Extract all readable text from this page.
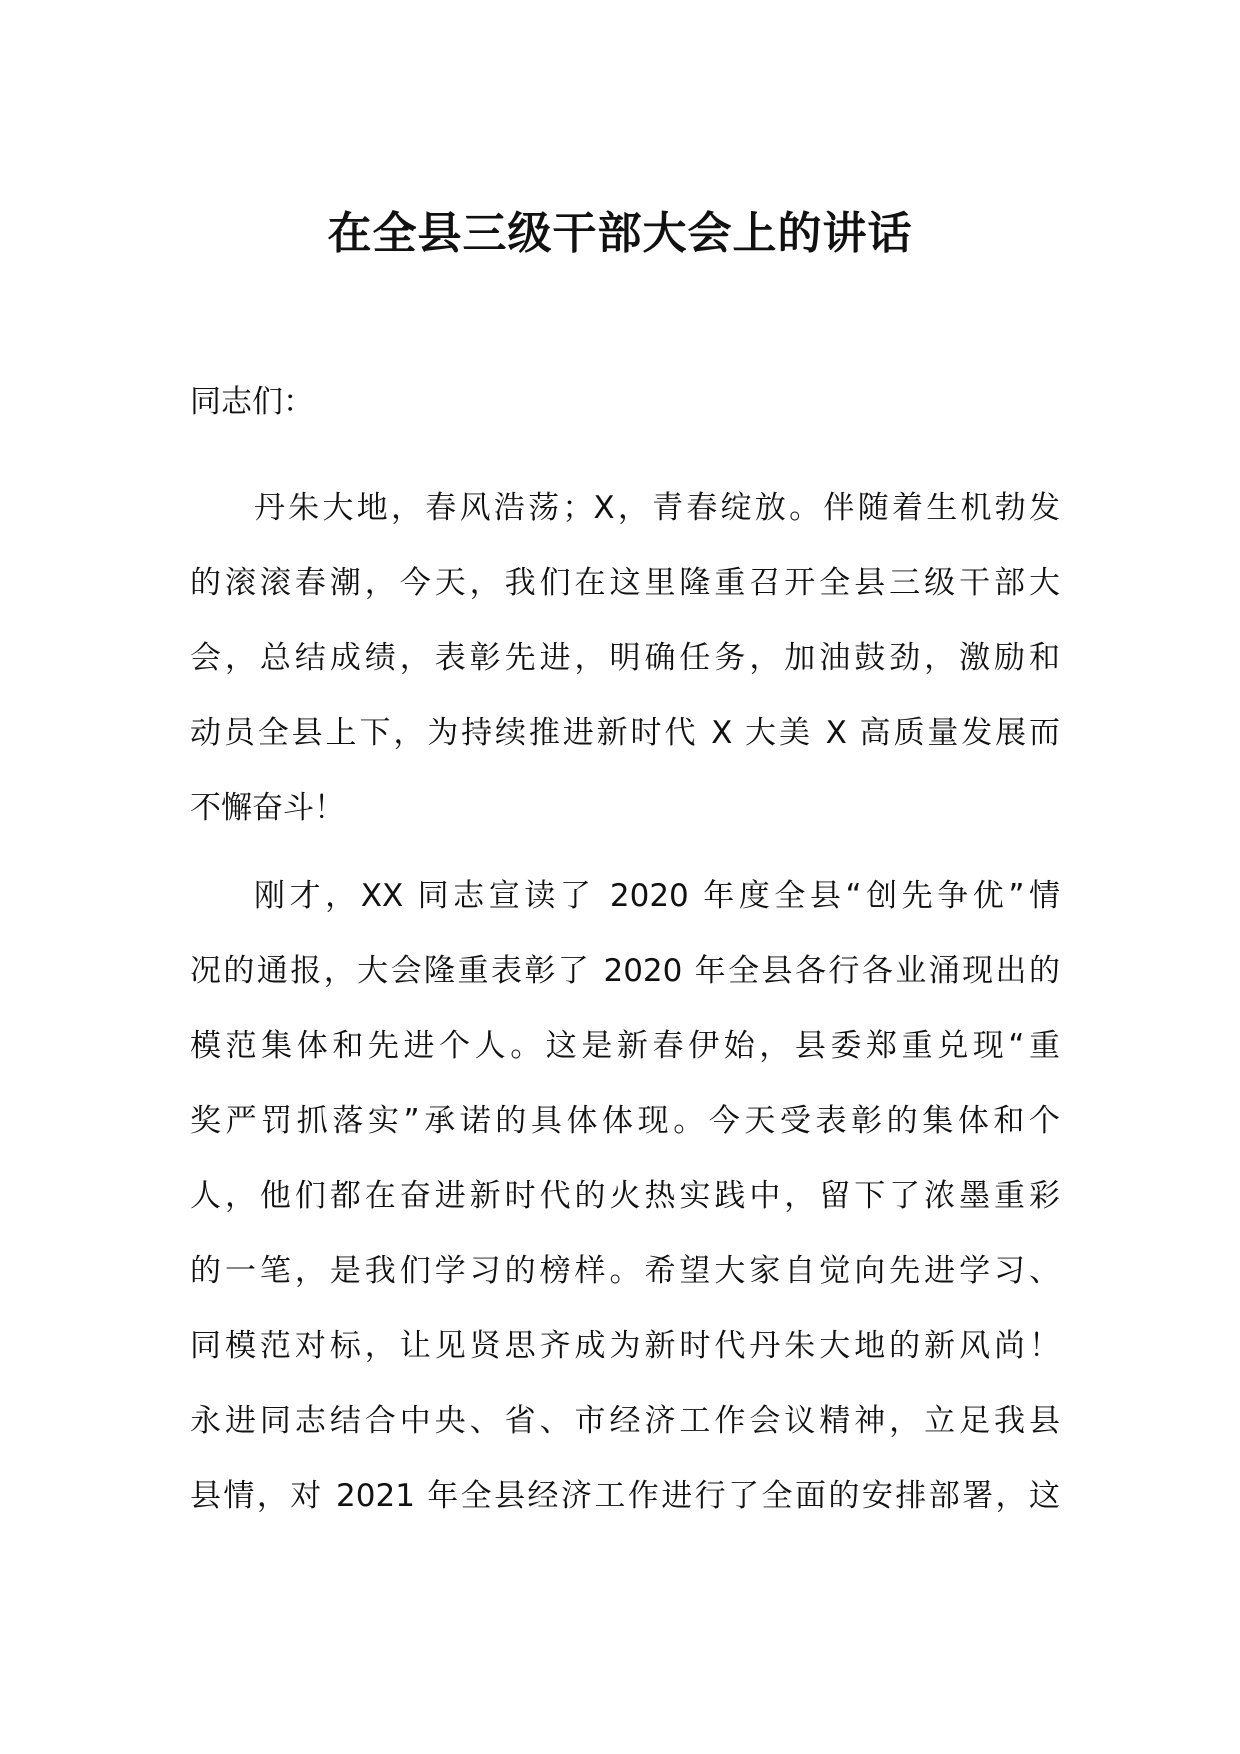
在全县三级干部大会上的讲话

同志们：

丹朱大地，春风浩荡；X，青春绽放。伴随着生机勃发

的滚滚春潮，今天，我们在这里隆重召开全县三级干部大

会，总结成绩，表彰先进，明确任务，加油鼓劲，激励和

动员全县上下，为持续推进新时代 X 大美 X 高质量发展而

不懈奋斗！

刚才，XX 同志宣读了 2020 年度全县“创先争优”情

况的通报，大会隆重表彰了 2020 年全县各行各业涌现出的

模范集体和先进个人。这是新春伊始，县委郑重兑现“重

奖严罚抓落实”承诺的具体体现。今天受表彰的集体和个

人，他们都在奋进新时代的火热实践中，留下了浓墨重彩

的一笔，是我们学习的榜样。希望大家自觉向先进学习、

同模范对标，让见贤思齐成为新时代丹朱大地的新风尚！

永进同志结合中央、省、市经济工作会议精神，立足我县

县情，对 2021 年全县经济工作进行了全面的安排部署，这
